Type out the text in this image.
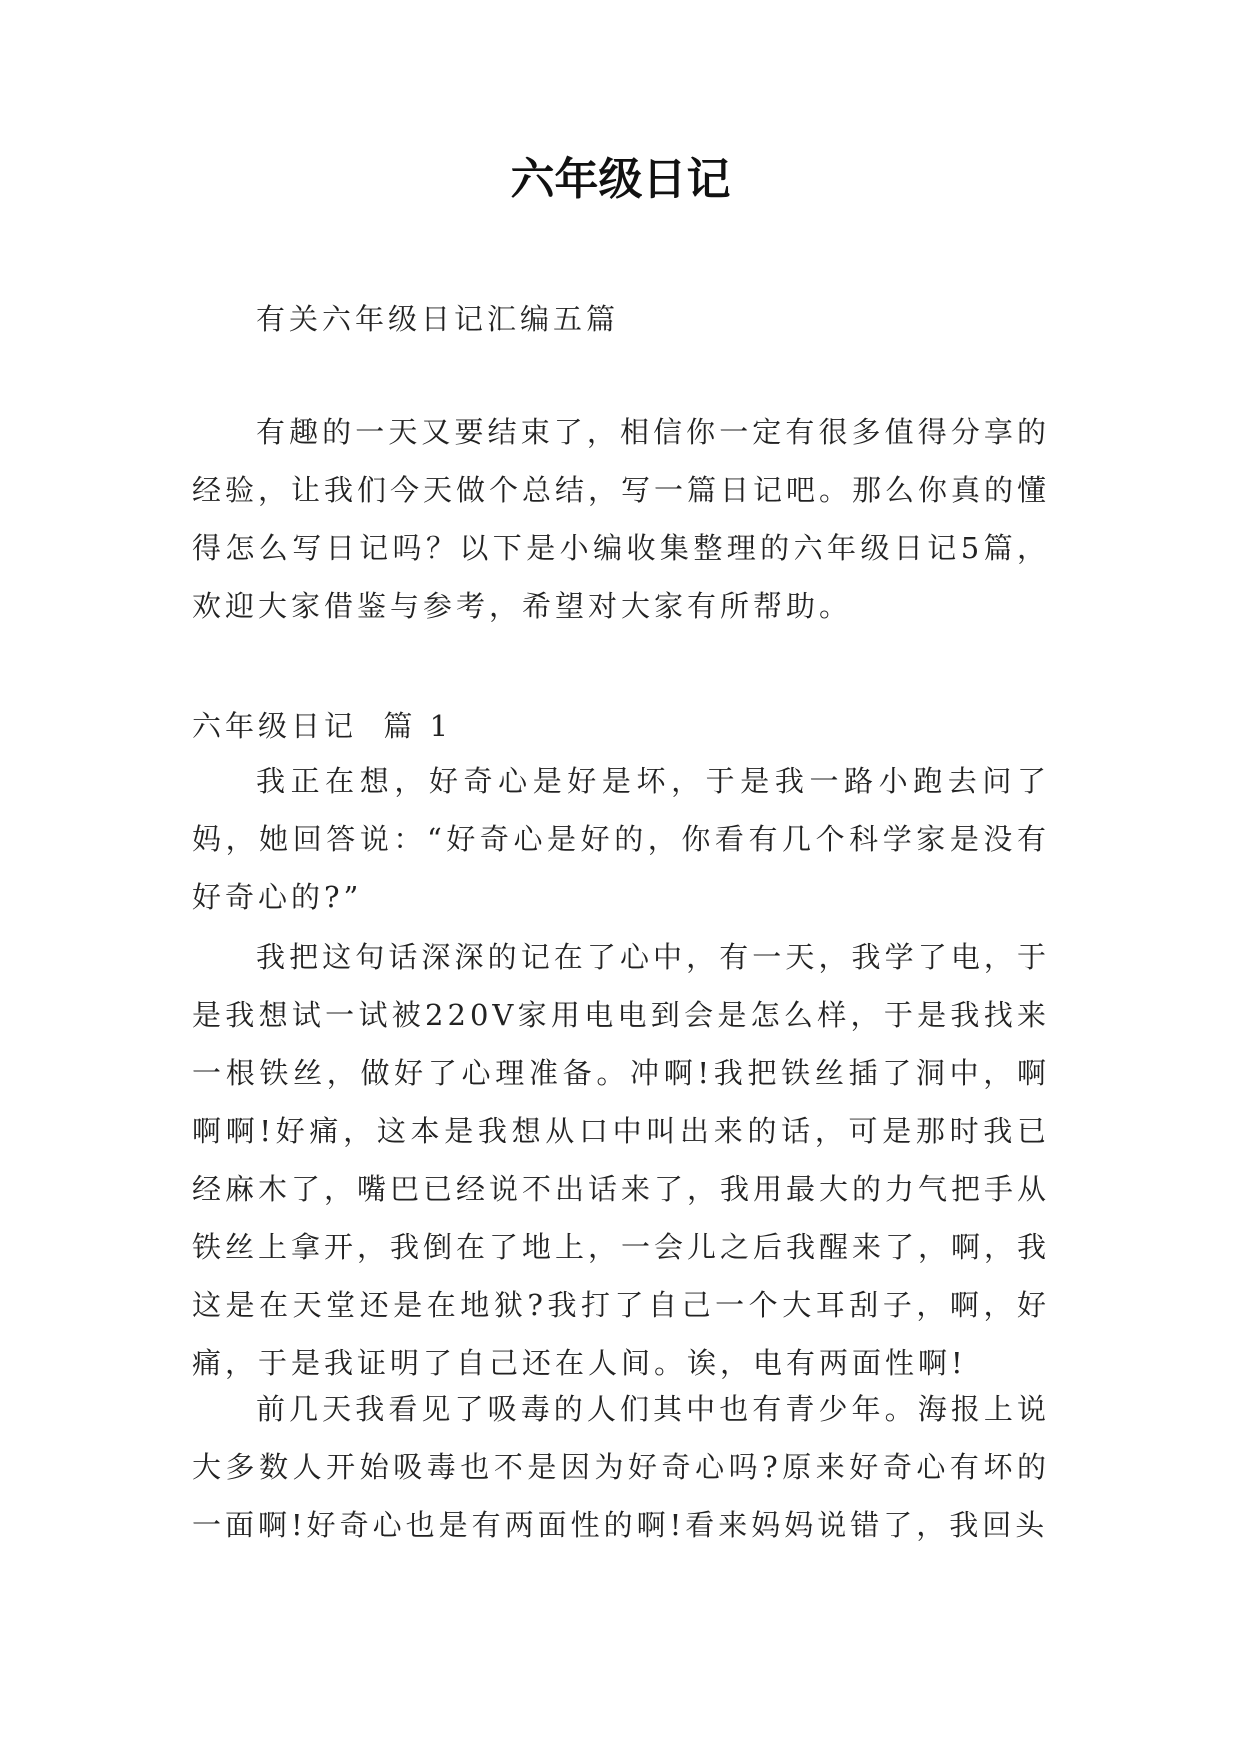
六年级日记

有关六年级日记汇编五篇

有趣的一天又要结束了，相信你一定有很多值得分享的经验，让我们今天做个总结，写一篇日记吧。那么你真的懂得怎么写日记吗？以下是小编收集整理的六年级日记5篇，欢迎大家借鉴与参考，希望对大家有所帮助。

六年级日记  篇 1

我正在想，好奇心是好是坏，于是我一路小跑去问了妈，她回答说：“好奇心是好的，你看有几个科学家是没有好奇心的?”

我把这句话深深的记在了心中，有一天，我学了电，于是我想试一试被220V家用电电到会是怎么样，于是我找来一根铁丝，做好了心理准备。冲啊!我把铁丝插了洞中，啊啊啊!好痛，这本是我想从口中叫出来的话，可是那时我已经麻木了，嘴巴已经说不出话来了，我用最大的力气把手从铁丝上拿开，我倒在了地上，一会儿之后我醒来了，啊，我这是在天堂还是在地狱?我打了自己一个大耳刮子，啊，好痛，于是我证明了自己还在人间。诶，电有两面性啊!

前几天我看见了吸毒的人们其中也有青少年。海报上说大多数人开始吸毒也不是因为好奇心吗?原来好奇心有坏的一面啊!好奇心也是有两面性的啊!看来妈妈说错了，我回头
